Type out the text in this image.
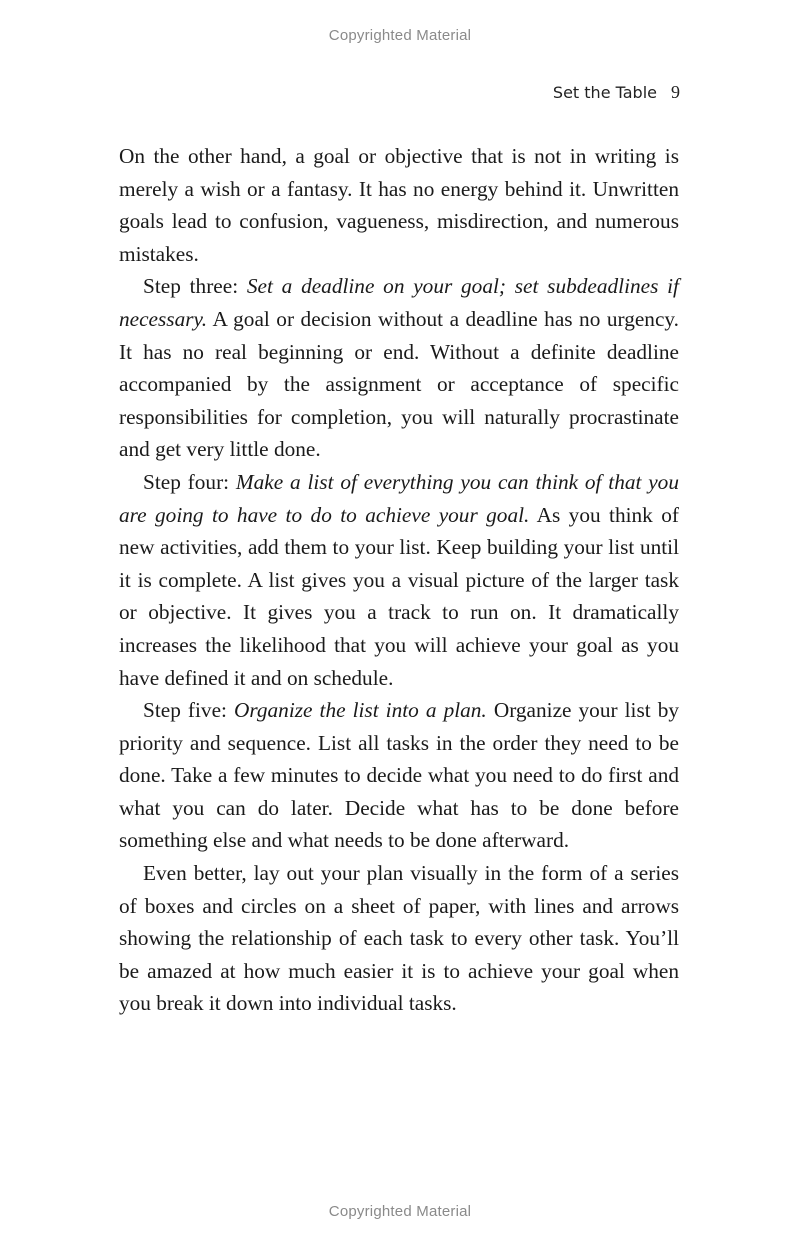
Copyrighted Material
Set the Table 9

On the other hand, a goal or objective that is not in writing is merely a wish or a fantasy. It has no energy behind it. Unwritten goals lead to confusion, vagueness, misdirection, and numerous mistakes.

Step three: Set a deadline on your goal; set subdeadlines if necessary. A goal or decision without a deadline has no urgency. It has no real beginning or end. Without a definite deadline accompanied by the assignment or acceptance of specific responsibilities for completion, you will naturally procrastinate and get very little done.

Step four: Make a list of everything you can think of that you are going to have to do to achieve your goal. As you think of new activities, add them to your list. Keep building your list until it is complete. A list gives you a visual picture of the larger task or objective. It gives you a track to run on. It dramatically increases the likelihood that you will achieve your goal as you have defined it and on schedule.

Step five: Organize the list into a plan. Organize your list by priority and sequence. List all tasks in the order they need to be done. Take a few minutes to decide what you need to do first and what you can do later. Decide what has to be done before something else and what needs to be done afterward.

Even better, lay out your plan visually in the form of a series of boxes and circles on a sheet of paper, with lines and arrows showing the relationship of each task to every other task. You’ll be amazed at how much easier it is to achieve your goal when you break it down into individual tasks.

Copyrighted Material
